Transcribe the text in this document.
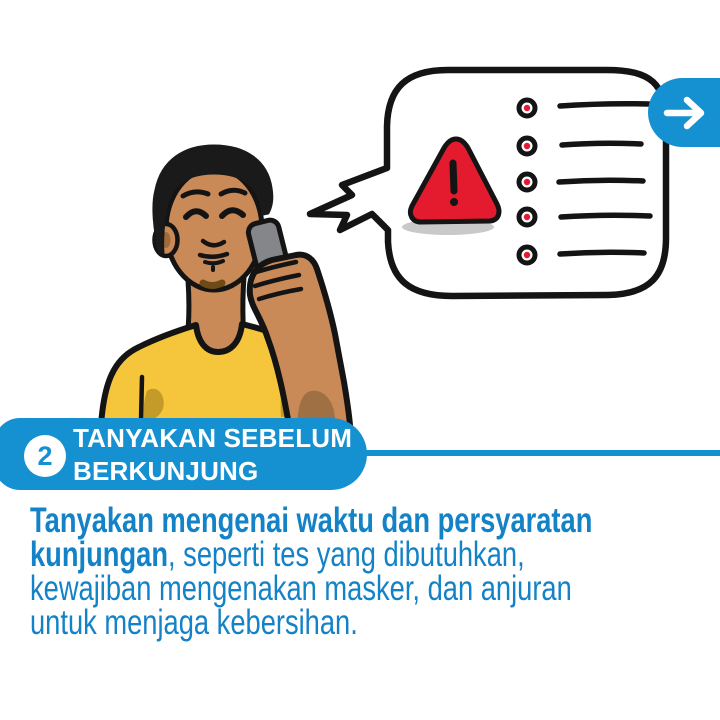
2
TANYAKAN SEBELUM
BERKUNJUNG
Tanyakan mengenai waktu dan persyaratan
kunjungan, seperti tes yang dibutuhkan,
kewajiban mengenakan masker, dan anjuran
untuk menjaga kebersihan.
